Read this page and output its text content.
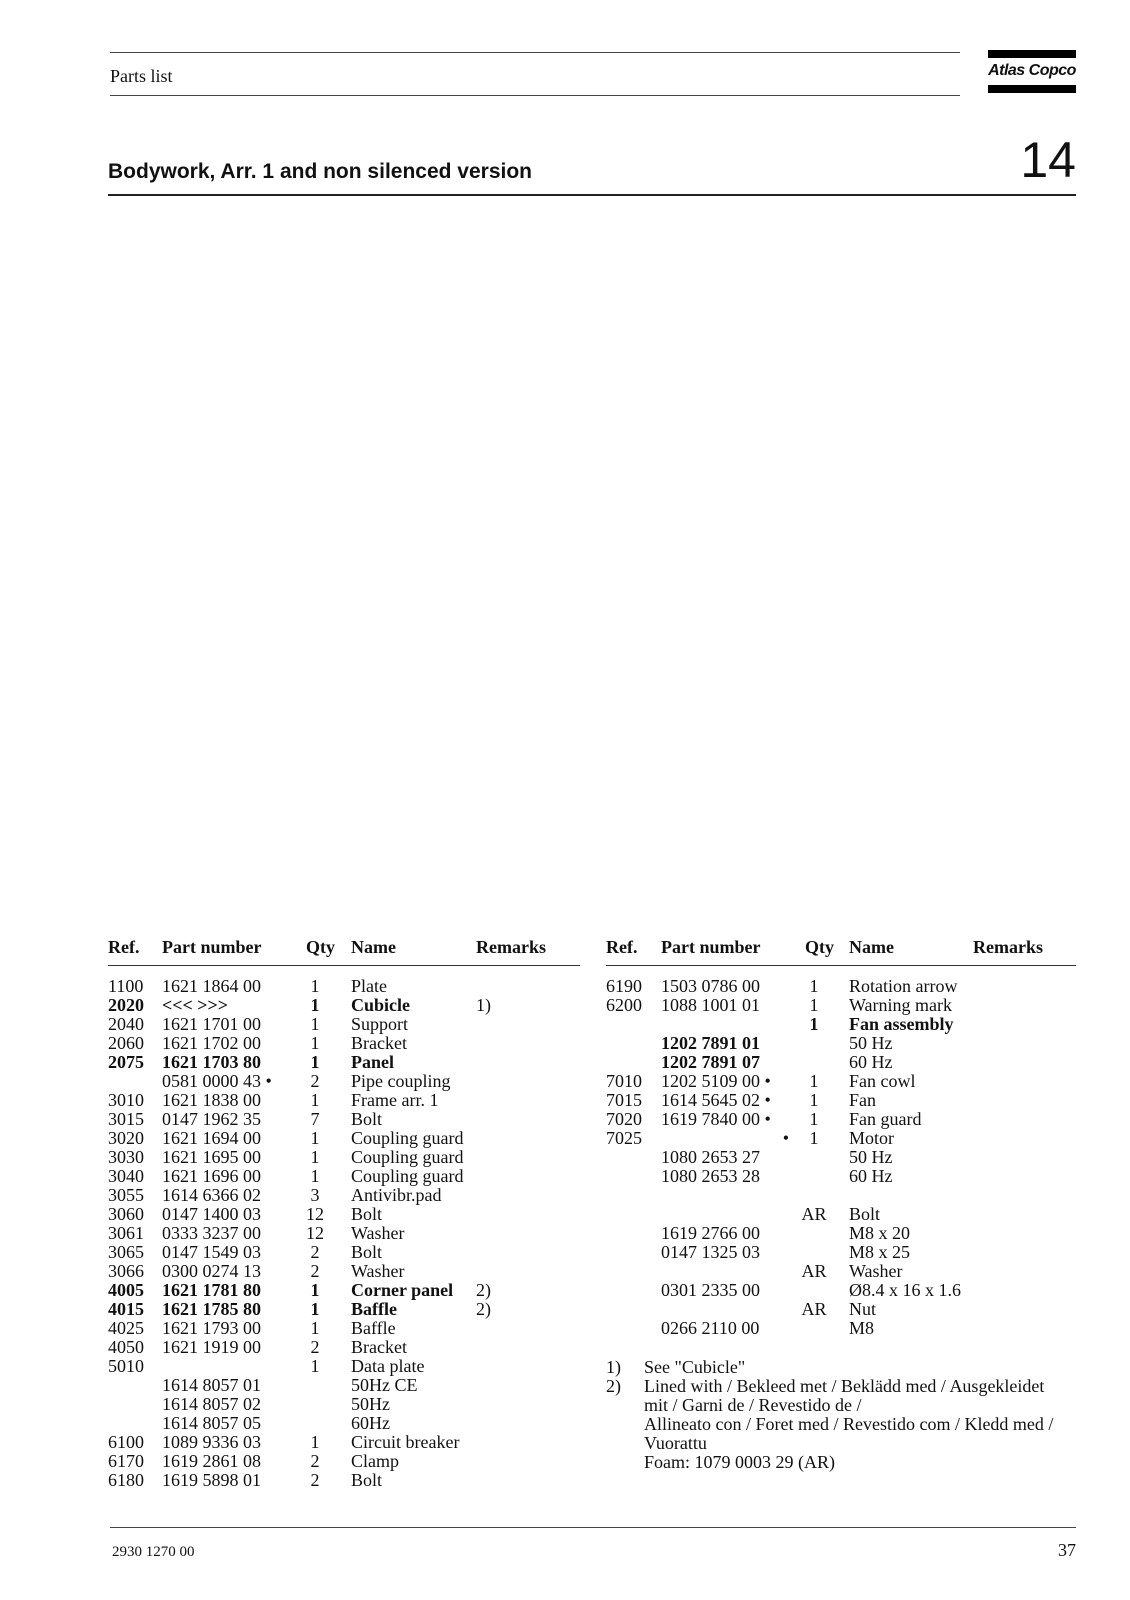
Parts list	Atlas Copco
Bodywork, Arr. 1 and non silenced version	14
Ref. Part number Qty Name	Remarks
1100 1621 1864 00	1	Plate
2020 <<< >>>	1	Cubicle	1)
2040 1621 1701 00	1	Support
2060 1621 1702 00	1	Bracket
2075 1621 1703 80	1	Panel
0581 0000 43 •	2	Pipe coupling
3010 1621 1838 00	1	Frame arr. 1
3015 0147 1962 35	7	Bolt
3020 1621 1694 00	1	Coupling guard
3030 1621 1695 00	1	Coupling guard
3040 1621 1696 00	1	Coupling guard
3055 1614 6366 02	3	Antivibr.pad
3060 0147 1400 03	12 Bolt
3061 0333 3237 00	12 Washer
3065 0147 1549 03	2	Bolt
3066 0300 0274 13	2	Washer
4005 1621 1781 80	1	Corner panel 2)
4015 1621 1785 80	1	Baffle	2)
4025 1621 1793 00	1	Baffle
4050 1621 1919 00	2	Bracket
5010	1	Data plate
1614 8057 01	50Hz CE
1614 8057 02	50Hz
1614 8057 05	60Hz
6100 1089 9336 03	1	Circuit breaker
6170 1619 2861 08	2	Clamp
6180 1619 5898 01	2	Bolt
Ref. Part number Qty Name	Remarks
6190 1503 0786 00	1	Rotation arrow
6200 1088 1001 01	1	Warning mark
1	Fan assembly
1202 7891 01	50 Hz
1202 7891 07	60 Hz
7010 1202 5109 00 •	1	Fan cowl
7015 1614 5645 02 •	1	Fan
7020 1619 7840 00 •	1	Fan guard
7025	•	1	Motor
1080 2653 27	50 Hz
1080 2653 28	60 Hz
AR Bolt
1619 2766 00	M8 x 20
0147 1325 03	M8 x 25
AR Washer
0301 2335 00	Ø8.4 x 16 x 1.6
AR Nut
0266 2110 00	M8
1) See "Cubicle"
2) Lined with / Bekleed met / Beklädd med / Ausgekleidet
mit / Garni de / Revestido de /
Allineato con / Foret med / Revestido com / Kledd med /
Vuorattu
Foam: 1079 0003 29 (AR)
2930 1270 00	37
